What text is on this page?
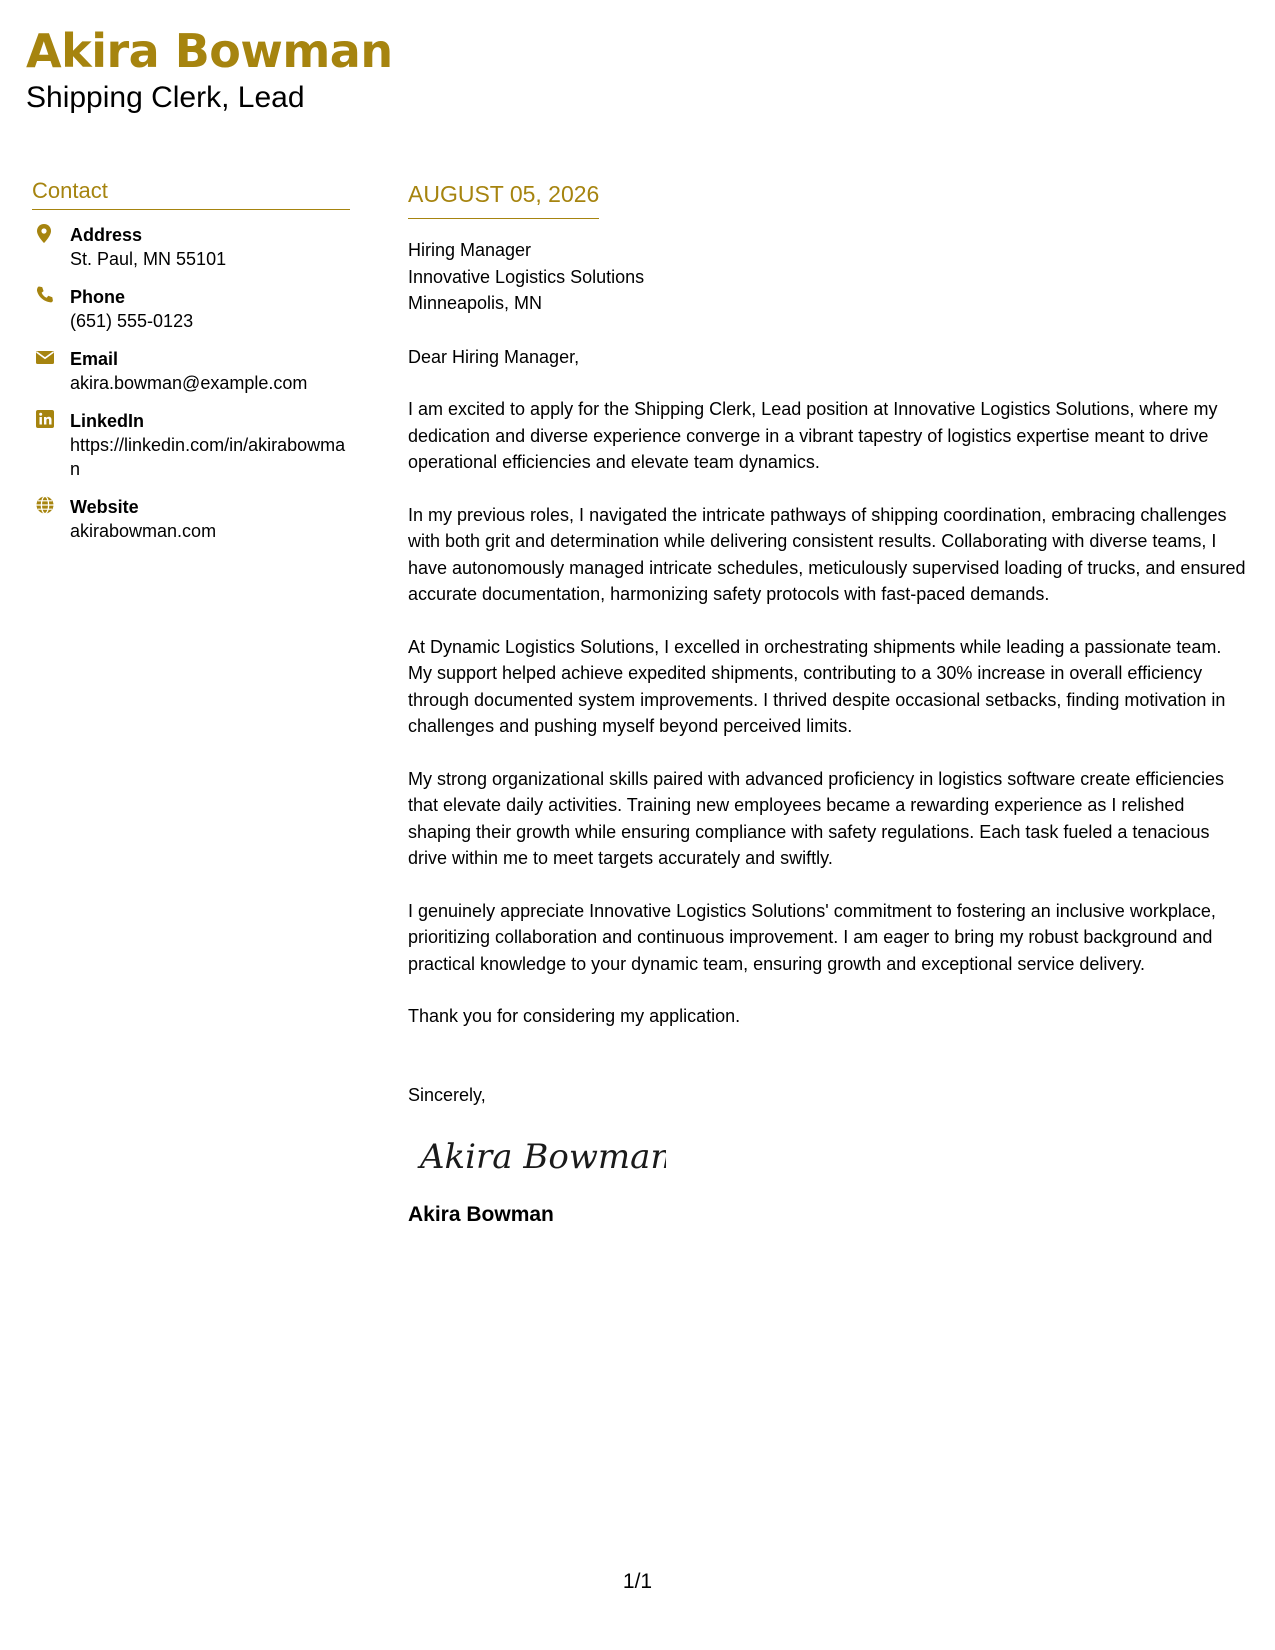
Akira Bowman
Shipping Clerk, Lead
Contact
Address
St. Paul, MN 55101
Phone
(651) 555-0123
Email
akira.bowman@example.com
LinkedIn
https://linkedin.com/in/akirabowman
Website
akirabowman.com
AUGUST 05, 2026
Hiring Manager
Innovative Logistics Solutions
Minneapolis, MN
Dear Hiring Manager,
I am excited to apply for the Shipping Clerk, Lead position at Innovative Logistics Solutions, where my dedication and diverse experience converge in a vibrant tapestry of logistics expertise meant to drive operational efficiencies and elevate team dynamics.
In my previous roles, I navigated the intricate pathways of shipping coordination, embracing challenges with both grit and determination while delivering consistent results. Collaborating with diverse teams, I have autonomously managed intricate schedules, meticulously supervised loading of trucks, and ensured accurate documentation, harmonizing safety protocols with fast-paced demands.
At Dynamic Logistics Solutions, I excelled in orchestrating shipments while leading a passionate team. My support helped achieve expedited shipments, contributing to a 30% increase in overall efficiency through documented system improvements. I thrived despite occasional setbacks, finding motivation in challenges and pushing myself beyond perceived limits.
My strong organizational skills paired with advanced proficiency in logistics software create efficiencies that elevate daily activities. Training new employees became a rewarding experience as I relished shaping their growth while ensuring compliance with safety regulations. Each task fueled a tenacious drive within me to meet targets accurately and swiftly.
I genuinely appreciate Innovative Logistics Solutions' commitment to fostering an inclusive workplace, prioritizing collaboration and continuous improvement. I am eager to bring my robust background and practical knowledge to your dynamic team, ensuring growth and exceptional service delivery.
Thank you for considering my application.
Sincerely,
Akira Bowman
Akira Bowman
1/1
